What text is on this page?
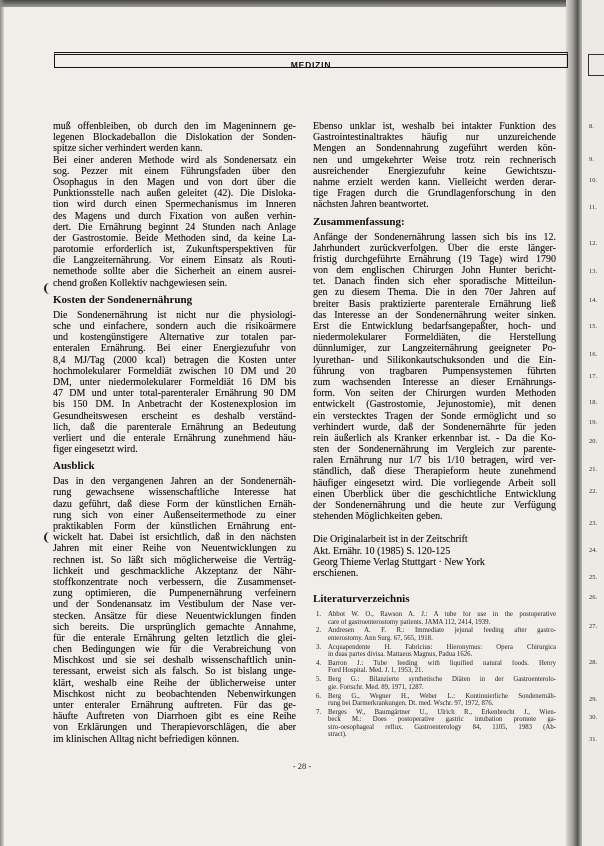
8.
9.
10.
11.
12.
13.
14.
15.
16.
17.
18.
19.
20.
21.
22.
23.
24.
25.
26.
27.
28.
29.
30.
31.
MEDIZIN
muß offenbleiben, ob durch den im Mageninnern ge-
legenen Blockadeballon die Dislokation der Sonden-
spitze sicher verhindert werden kann.
Bei einer anderen Methode wird als Sondenersatz ein
sog. Pezzer mit einem Führungsfaden über den
Ösophagus in den Magen und von dort über die
Punktionsstelle nach außen geleitet (42). Die Disloka-
tion wird durch einen Spermechanismus im Inneren
des Magens und durch Fixation von außen verhin-
dert. Die Ernährung beginnt 24 Stunden nach Anlage
der Gastrostomie. Beide Methoden sind, da keine La-
parotomie erforderlich ist, Zukunftsperspektiven für
die Langzeiternährung. Vor einem Einsatz als Routi-
nemethode sollte aber die Sicherheit an einem ausrei-
chend großen Kollektiv nachgewiesen sein.
Kosten der Sondenernährung
Die Sondenernährung ist nicht nur die physiologi-
sche und einfachere, sondern auch die risikoärmere
und kostengünstigere Alternative zur totalen par-
enteralen Ernährung. Bei einer Energiezufuhr von
8,4 MJ/Tag (2000 kcal) betragen die Kosten unter
hochmolekularer Formeldiät zwischen 10 DM und 20
DM, unter niedermolekularer Formeldiät 16 DM bis
47 DM und unter total-parenteraler Ernährung 90 DM
bis 150 DM. In Anbetracht der Kostenexplosion im
Gesundheitswesen erscheint es deshalb verständ-
lich, daß die parenterale Ernährung an Bedeutung
verliert und die enterale Ernährung zunehmend häu-
figer eingesetzt wird.
Ausblick
Das in den vergangenen Jahren an der Sondenernäh-
rung gewachsene wissenschaftliche Interesse hat
dazu geführt, daß diese Form der künstlichen Ernäh-
rung sich von einer Außenseitermethode zu einer
praktikablen Form der künstlichen Ernährung ent-
wickelt hat. Dabei ist ersichtlich, daß in den nächsten
Jahren mit einer Reihe von Neuentwicklungen zu
rechnen ist. So läßt sich möglicherweise die Verträg-
lichkeit und geschmackliche Akzeptanz der Nähr-
stoffkonzentrate noch verbessern, die Zusammenset-
zung optimieren, die Pumpenernährung verfeinern
und der Sondenansatz im Vestibulum der Nase ver-
stecken. Ansätze für diese Neuentwicklungen finden
sich bereits. Die ursprünglich gemachte Annahme,
für die enterale Ernährung gelten letztlich die glei-
chen Bedingungen wie für die Verabreichung von
Mischkost und sie sei deshalb wissenschaftlich unin-
teressant, erweist sich als falsch. So ist bislang unge-
klärt, weshalb eine Reihe der üblicherweise unter
Mischkost nicht zu beobachtenden Nebenwirkungen
unter enteraler Ernährung auftreten. Für das ge-
häufte Auftreten von Diarrhoen gibt es eine Reihe
von Erklärungen und Therapievorschlägen, die aber
im klinischen Alltag nicht befriedigen können.
Ebenso unklar ist, weshalb bei intakter Funktion des
Gastrointestinaltraktes häufig nur unzureichende
Mengen an Sondennahrung zugeführt werden kön-
nen und umgekehrter Weise trotz rein rechnerisch
ausreichender Energiezufuhr keine Gewichtszu-
nahme erzielt werden kann. Vielleicht werden derar-
tige Fragen durch die Grundlagenforschung in den
nächsten Jahren beantwortet.
Zusammenfassung:
Anfänge der Sondenernährung lassen sich bis ins 12.
Jahrhundert zurückverfolgen. Über die erste länger-
fristig durchgeführte Ernährung (19 Tage) wird 1790
von dem englischen Chirurgen John Hunter bericht-
tet. Danach finden sich eher sporadische Mitteilun-
gen zu diesem Thema. Die in den 70er Jahren auf
breiter Basis praktizierte parenterale Ernährung ließ
das Interesse an der Sondenernährung weiter sinken.
Erst die Entwicklung bedarfsangepaßter, hoch- und
niedermolekularer Formeldiäten, die Herstellung
dünnlumiger, zur Langzeiternährung geeigneter Po-
lyurethan- und Silikonkautschuksonden und die Ein-
führung von tragbaren Pumpensystemen führten
zum wachsenden Interesse an dieser Ernährungs-
form. Von seiten der Chirurgen wurden Methoden
entwickelt (Gastrostomie, Jejunostomie), mit denen
ein verstecktes Tragen der Sonde ermöglicht und so
verhindert wurde, daß der Sondenernährte für jeden
rein äußerlich als Kranker erkennbar ist. - Da die Ko-
sten der Sondenernährung im Vergleich zur parente-
ralen Ernährung nur 1/7 bis 1/10 betragen, wird ver-
ständlich, daß diese Therapieform heute zunehmend
häufiger eingesetzt wird. Die vorliegende Arbeit soll
einen Überblick über die geschichtliche Entwicklung
der Sondenernährung und die heute zur Verfügung
stehenden Möglichkeiten geben.
Die Originalarbeit ist in der Zeitschrift
Akt. Ernähr. 10 (1985) S. 120-125
Georg Thieme Verlag Stuttgart · New York
erschienen.
Literaturverzeichnis
1. Abbot W. O., Rawson A. J.: A tube for use in the postoperative
care of gastroenterostomy patients. JAMA 112, 2414, 1939.
2. Andresen A. F. R.: Immediate jejunal feeding after gastro-
enterostomy. Ann Surg. 67, 565, 1918.
3. Acquapendente H. Fabricius: Hieronymus: Opera Chirurgica
in duas partes divisa. Mattaeus Magnus, Padua 1626.
4. Barron J.: Tube feeding with liquified natural foods. Henry
Ford Hospital. Med. J. 1, 1953, 21.
5. Berg G.: Bilanzierte synthetische Diäten in der Gastroenterolo-
gie. Fortschr. Med. 89, 1971, 1287.
6. Berg G., Wegner H., Weber L.: Kontinuierliche Sondenernäh-
rung bei Darmerkrankungen. Dt. med. Wschr. 97, 1972, 876.
7. Berges W., Baumgärtner U., Ulrich R., Erkenbrecht J., Wien-
beck M.: Does postoperative gastric intubation promote ga-
stro-oesophageal reflux. Gastroenterology 84, 1105, 1983 (Ab-
stract).
- 28 -
